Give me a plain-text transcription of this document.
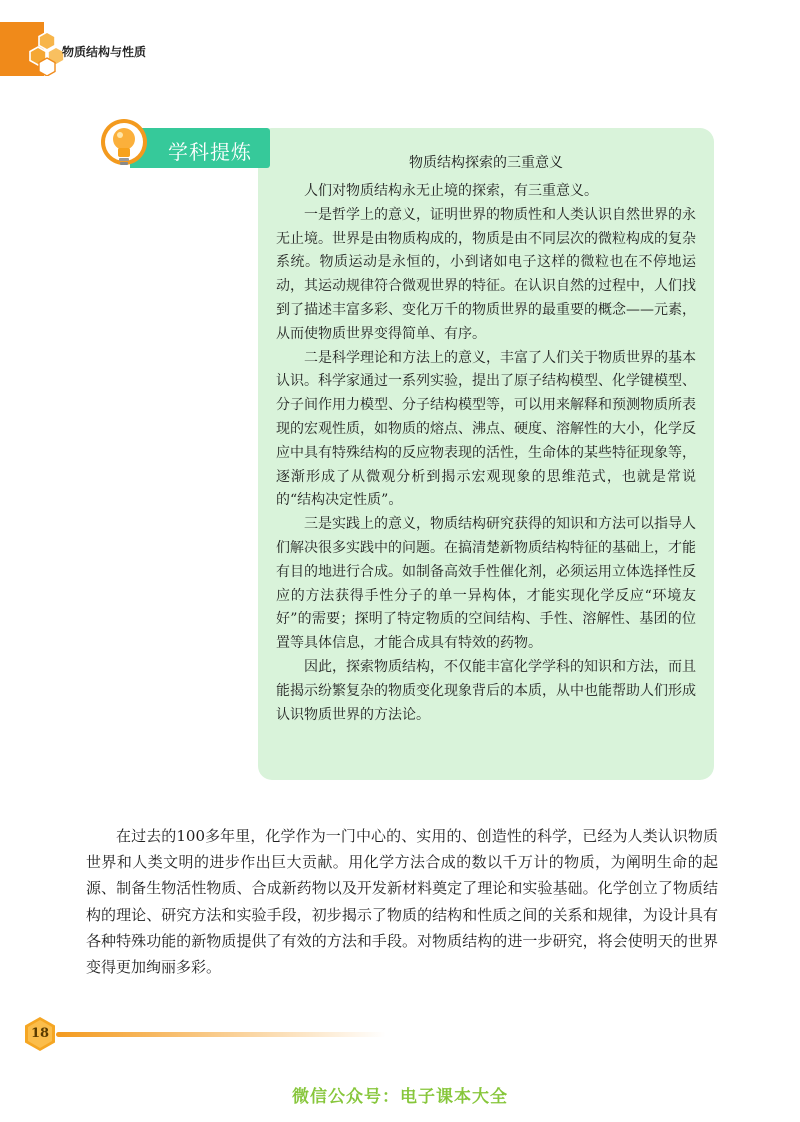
物质结构与性质
学科提炼	物质结构探索的三重意义

人们对物质结构永无止境的探索，有三重意义。

一是哲学上的意义，证明世界的物质性和人类认识自然世界的永无止境。世界是由物质构成的，物质是由不同层次的微粒构成的复杂系统。物质运动是永恒的，小到诸如电子这样的微粒也在不停地运动，其运动规律符合微观世界的特征。在认识自然的过程中，人们找到了描述丰富多彩、变化万千的物质世界的最重要的概念——元素，从而使物质世界变得简单、有序。

二是科学理论和方法上的意义，丰富了人们关于物质世界的基本认识。科学家通过一系列实验，提出了原子结构模型、化学键模型、分子间作用力模型、分子结构模型等，可以用来解释和预测物质所表现的宏观性质，如物质的熔点、沸点、硬度、溶解性的大小，化学反应中具有特殊结构的反应物表现的活性，生命体的某些特征现象等，逐渐形成了从微观分析到揭示宏观现象的思维范式，也就是常说的“结构决定性质”。

三是实践上的意义，物质结构研究获得的知识和方法可以指导人们解决很多实践中的问题。在搞清楚新物质结构特征的基础上，才能有目的地进行合成。如制备高效手性催化剂，必须运用立体选择性反应的方法获得手性分子的单一异构体，才能实现化学反应“环境友好”的需要；探明了特定物质的空间结构、手性、溶解性、基团的位置等具体信息，才能合成具有特效的药物。

因此，探索物质结构，不仅能丰富化学学科的知识和方法，而且能揭示纷繁复杂的物质变化现象背后的本质，从中也能帮助人们形成认识物质世界的方法论。

在过去的100多年里，化学作为一门中心的、实用的、创造性的科学，已经为人类认识物质世界和人类文明的进步作出巨大贡献。用化学方法合成的数以千万计的物质，为阐明生命的起源、制备生物活性物质、合成新药物以及开发新材料奠定了理论和实验基础。化学创立了物质结构的理论、研究方法和实验手段，初步揭示了物质的结构和性质之间的关系和规律，为设计具有各种特殊功能的新物质提供了有效的方法和手段。对物质结构的进一步研究，将会使明天的世界变得更加绚丽多彩。

18
微信公众号：电子课本大全
